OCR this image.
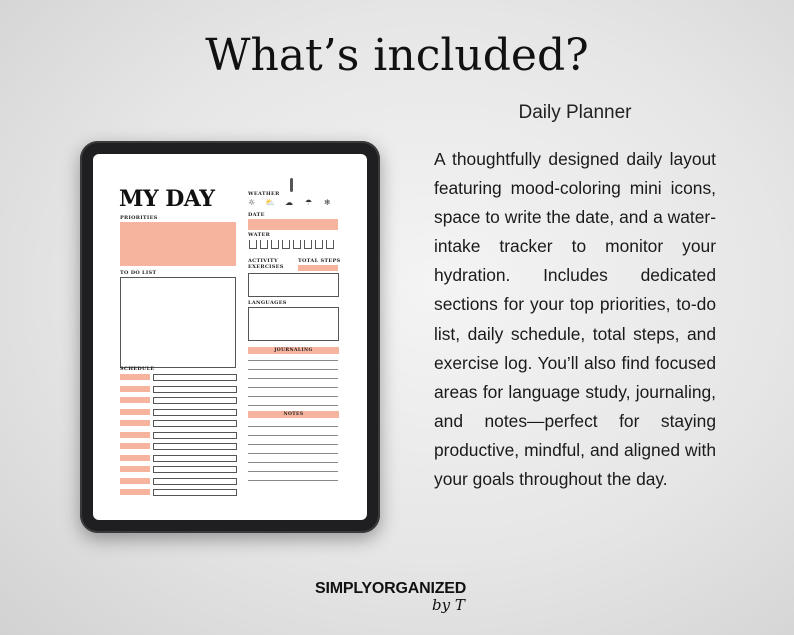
What’s included?
Daily Planner
A thoughtfully designed daily layout featuring mood-coloring mini icons, space to write the date, and a water-intake tracker to monitor your hydration. Includes dedicated sections for your top priorities, to-do list, daily schedule, total steps, and exercise log. You’ll also find focused areas for language study, journaling, and notes—perfect for staying productive, mindful, and aligned with your goals throughout the day.
MY DAY
PRIORITIES
TO DO LIST
SCHEDULE
WEATHER
☼ ⛅ ☁ ☂ ❄
DATE
WATER
ACTIVITY
EXERCISES
TOTAL STEPS
LANGUAGES
JOURNALING
NOTES
SIMPLYORGANIZED
by T
